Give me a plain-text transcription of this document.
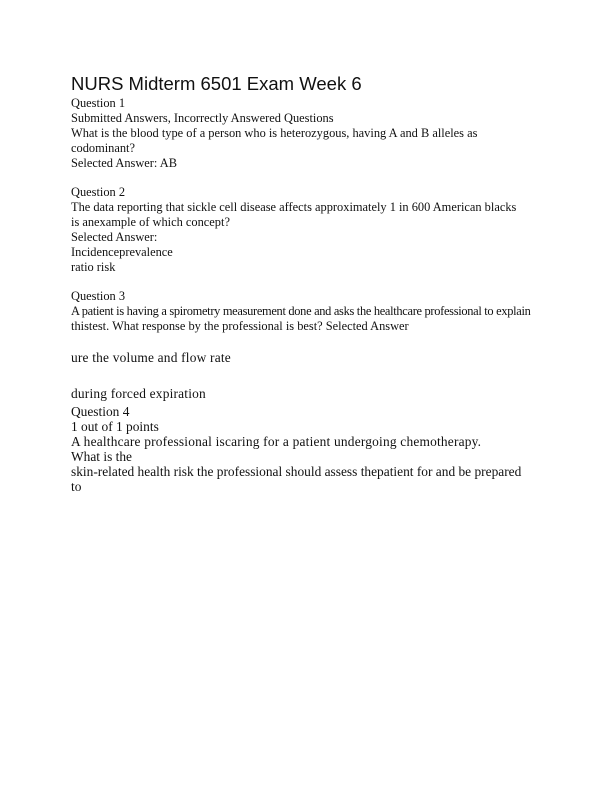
NURS Midterm 6501 Exam Week 6
Question 1
Submitted Answers, Incorrectly Answered Questions
What is the blood type of a person who is heterozygous, having A and B alleles as
codominant?
Selected Answer: AB
Question 2
The data reporting that sickle cell disease affects approximately 1 in 600 American blacks
is anexample of which concept?
Selected Answer:
Incidenceprevalence
ratio risk
Question 3
A patient is having a spirometry measurement done and asks the healthcare professional to explain
thistest. What response by the professional is best? Selected Answer
ure the volume and flow rate
during forced expiration
Question 4
1 out of 1 points
A healthcare professional iscaring for a patient undergoing chemotherapy.
What is the
skin-related health risk the professional should assess thepatient for and be prepared
to
